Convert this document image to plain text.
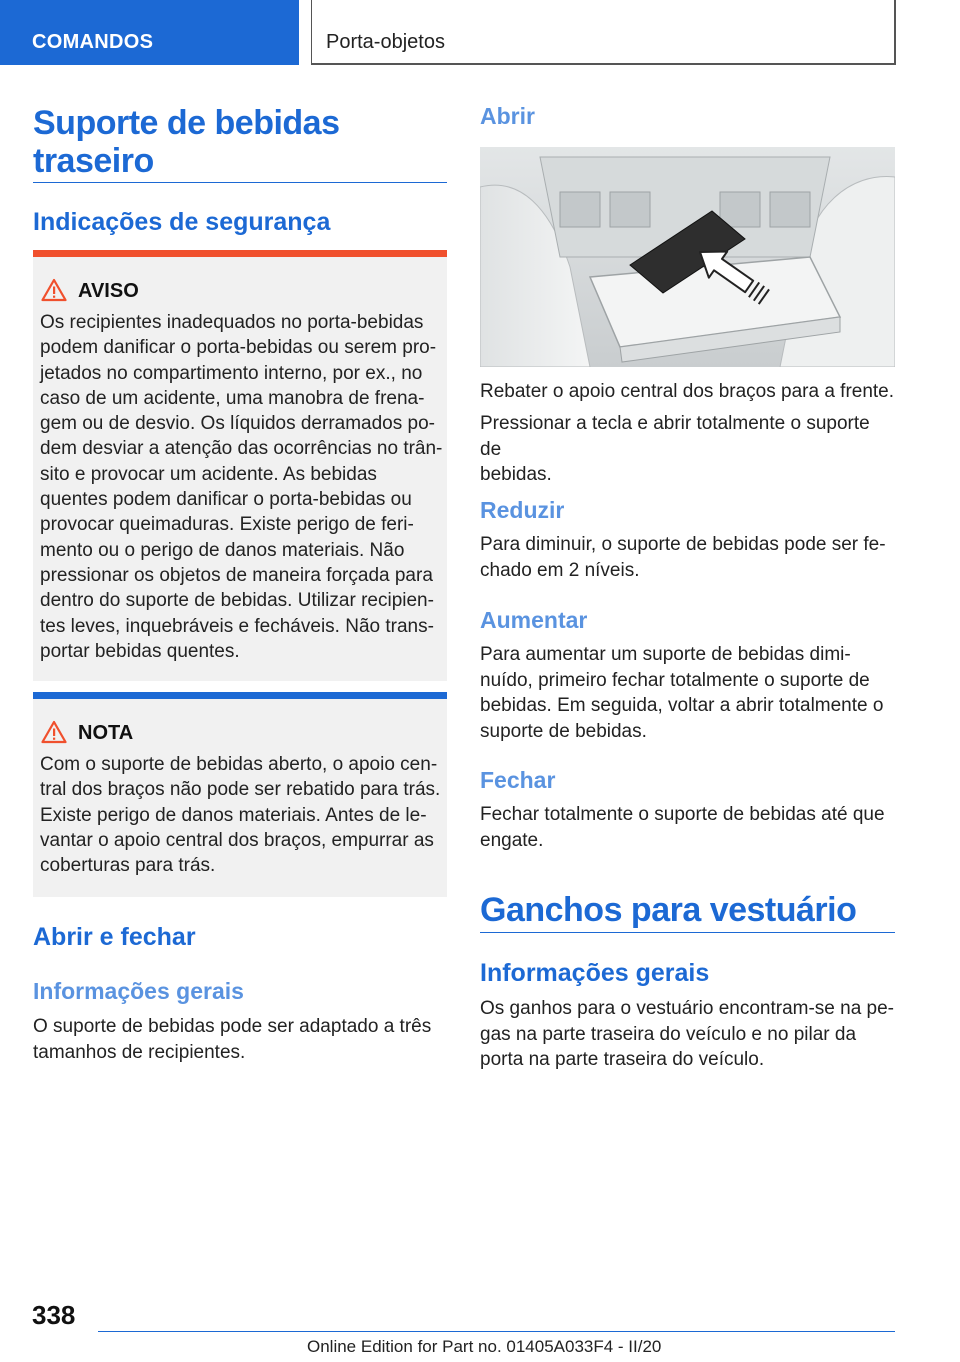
COMANDOS	Porta-objetos
Suporte de bebidas
traseiro
Indicações de segurança
AVISO
Os recipientes inadequados no porta-bebidas
podem danificar o porta-bebidas ou serem pro-
jetados no compartimento interno, por ex., no
caso de um acidente, uma manobra de frena-
gem ou de desvio. Os líquidos derramados po-
dem desviar a atenção das ocorrências no trân-
sito e provocar um acidente. As bebidas
quentes podem danificar o porta-bebidas ou
provocar queimaduras. Existe perigo de feri-
mento ou o perigo de danos materiais. Não
pressionar os objetos de maneira forçada para
dentro do suporte de bebidas. Utilizar recipien-
tes leves, inquebráveis e fecháveis. Não trans-
portar bebidas quentes.
NOTA
Com o suporte de bebidas aberto, o apoio cen-
tral dos braços não pode ser rebatido para trás.
Existe perigo de danos materiais. Antes de le-
vantar o apoio central dos braços, empurrar as
coberturas para trás.
Abrir e fechar
Informações gerais
O suporte de bebidas pode ser adaptado a três
tamanhos de recipientes.
Abrir
Rebater o apoio central dos braços para a frente.
Pressionar a tecla e abrir totalmente o suporte de
bebidas.
Reduzir
Para diminuir, o suporte de bebidas pode ser fe-
chado em 2 níveis.
Aumentar
Para aumentar um suporte de bebidas dimi-
nuído, primeiro fechar totalmente o suporte de
bebidas. Em seguida, voltar a abrir totalmente o
suporte de bebidas.
Fechar
Fechar totalmente o suporte de bebidas até que
engate.
Ganchos para vestuário
Informações gerais
Os ganhos para o vestuário encontram-se na pe-
gas na parte traseira do veículo e no pilar da
porta na parte traseira do veículo.
338
Online Edition for Part no. 01405A033F4 - II/20
